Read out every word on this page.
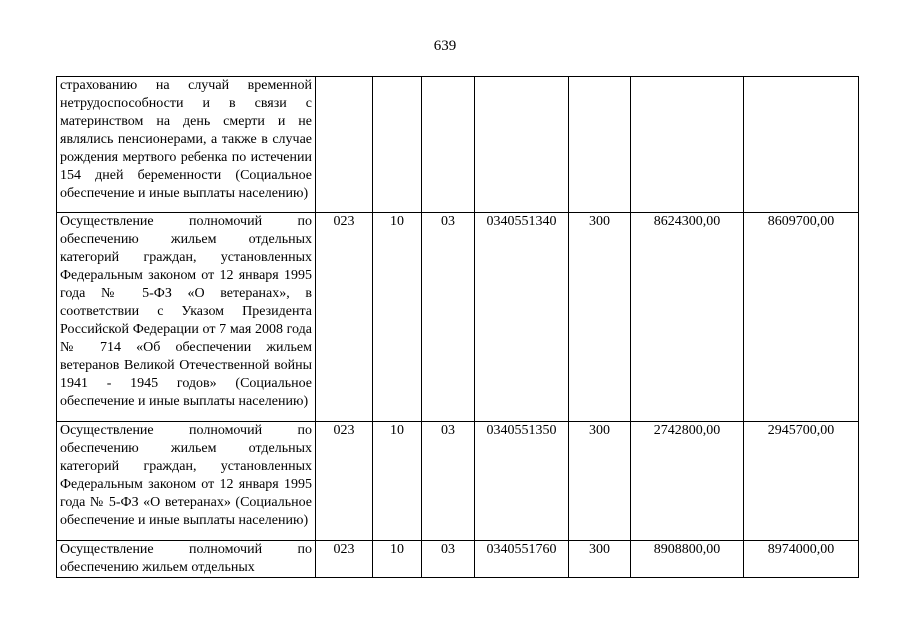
639
страхованию на случай временной нетрудоспособности и в связи с материнством на день смерти и не являлись пенсионерами, а также в случае рождения мертвого ребенка по истечении 154 дней беременности (Социальное обеспечение и иные выплаты населению)							
Осуществление полномочий по обеспечению жильем отдельных категорий граждан, установленных Федеральным законом от 12 января 1995 года № 5-ФЗ «О ветеранах», в соответствии с Указом Президента Российской Федерации от 7 мая 2008 года № 714 «Об обеспечении жильем ветеранов Великой Отечественной войны 1941 - 1945 годов» (Социальное обеспечение и иные выплаты населению)	023	10	03	0340551340	300	8624300,00	8609700,00
Осуществление полномочий по обеспечению жильем отдельных категорий граждан, установленных Федеральным законом от 12 января 1995 года № 5-ФЗ «О ветеранах» (Социальное обеспечение и иные выплаты населению)	023	10	03	0340551350	300	2742800,00	2945700,00
Осуществление полномочий по обеспечению жильем отдельных	023	10	03	0340551760	300	8908800,00	8974000,00
